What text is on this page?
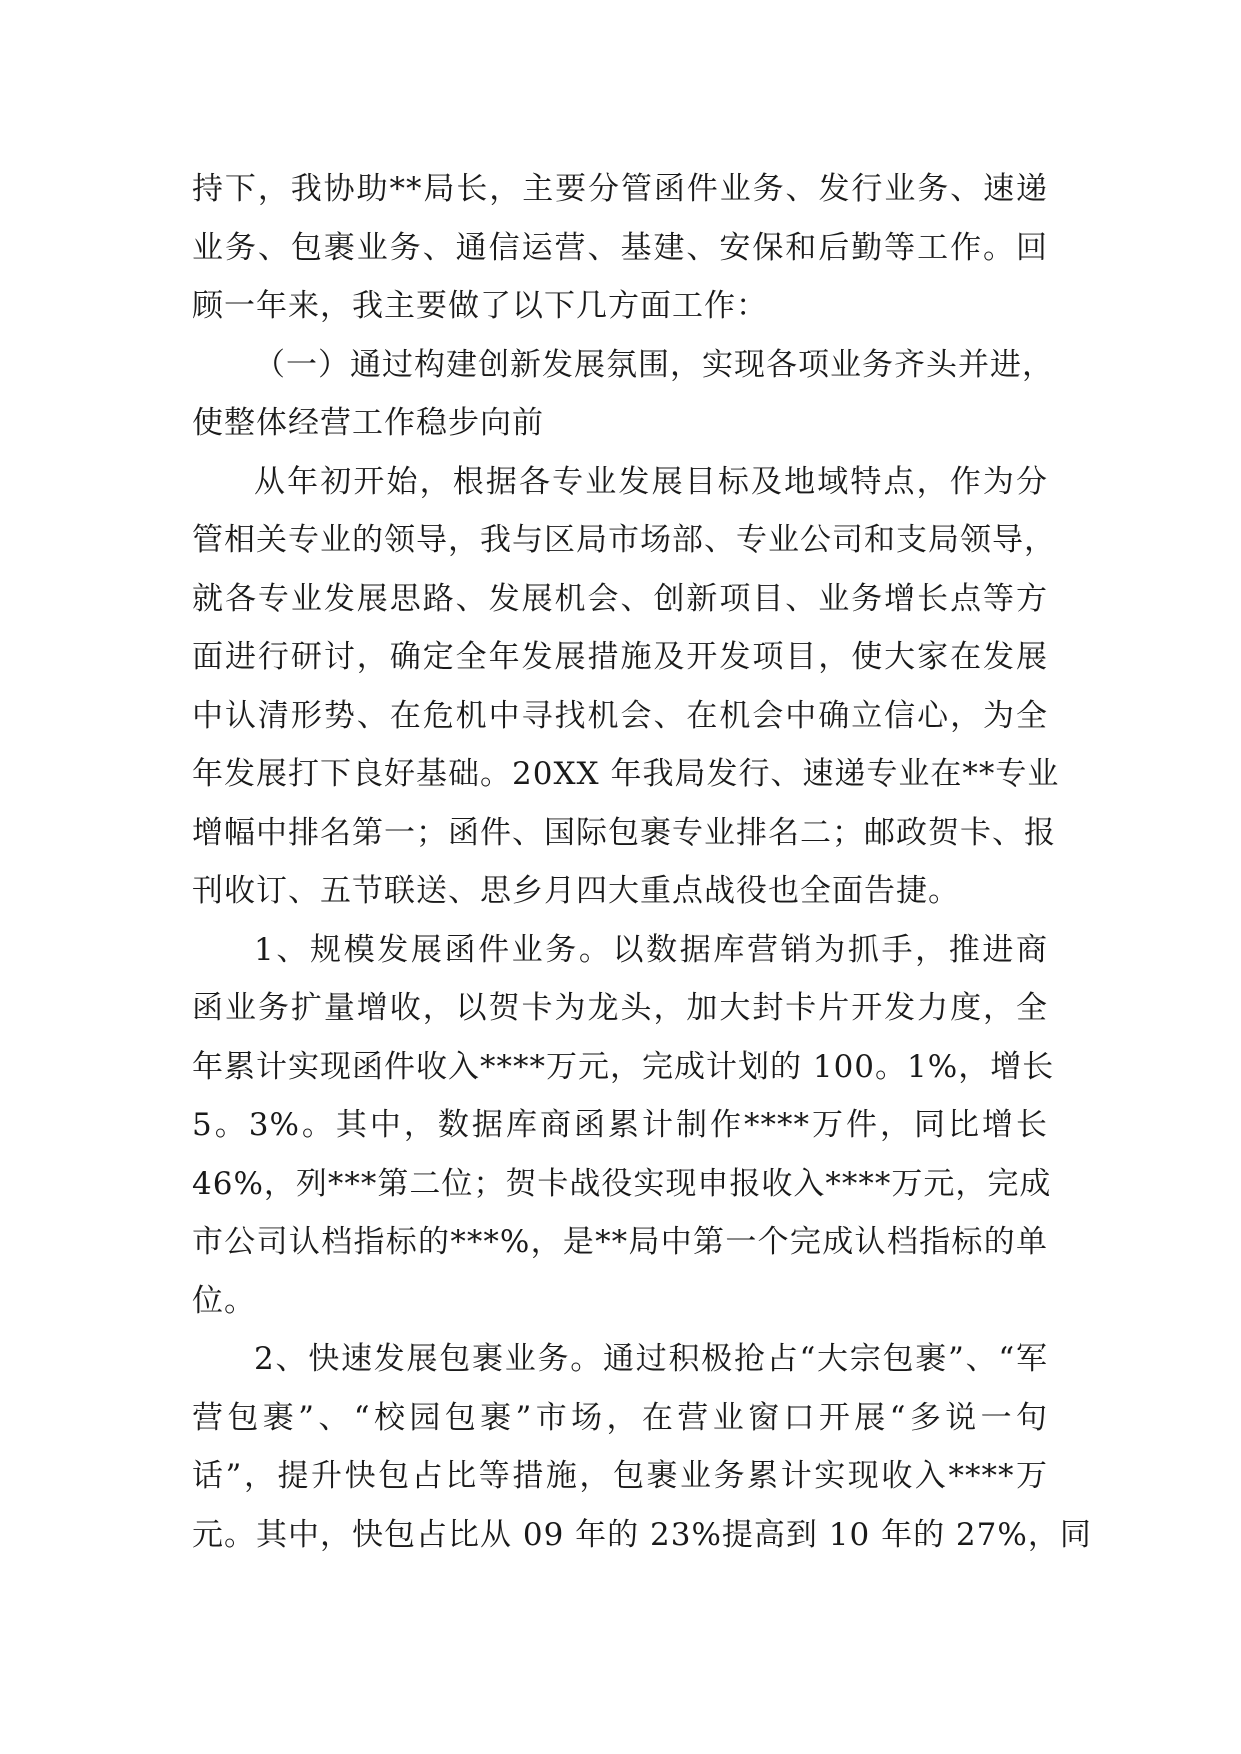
持下，我协助**局长，主要分管函件业务、发行业务、速递
业务、包裹业务、通信运营、基建、安保和后勤等工作。回
顾一年来，我主要做了以下几方面工作：
（一）通过构建创新发展氛围，实现各项业务齐头并进，
使整体经营工作稳步向前
从年初开始，根据各专业发展目标及地域特点，作为分
管相关专业的领导，我与区局市场部、专业公司和支局领导，
就各专业发展思路、发展机会、创新项目、业务增长点等方
面进行研讨，确定全年发展措施及开发项目，使大家在发展
中认清形势、在危机中寻找机会、在机会中确立信心，为全
年发展打下良好基础。20XX 年我局发行、速递专业在**专业
增幅中排名第一；函件、国际包裹专业排名二；邮政贺卡、报
刊收订、五节联送、思乡月四大重点战役也全面告捷。
1、规模发展函件业务。以数据库营销为抓手，推进商
函业务扩量增收，以贺卡为龙头，加大封卡片开发力度，全
年累计实现函件收入****万元，完成计划的 100。1%，增长
5。3%。其中，数据库商函累计制作****万件，同比增长
46%，列***第二位；贺卡战役实现申报收入****万元，完成
市公司认档指标的***%，是**局中第一个完成认档指标的单
位。
2、快速发展包裹业务。通过积极抢占“大宗包裹”、“军
营包裹”、“校园包裹”市场，在营业窗口开展“多说一句
话”，提升快包占比等措施，包裹业务累计实现收入****万
元。其中，快包占比从 09 年的 23%提高到 10 年的 27%，同
